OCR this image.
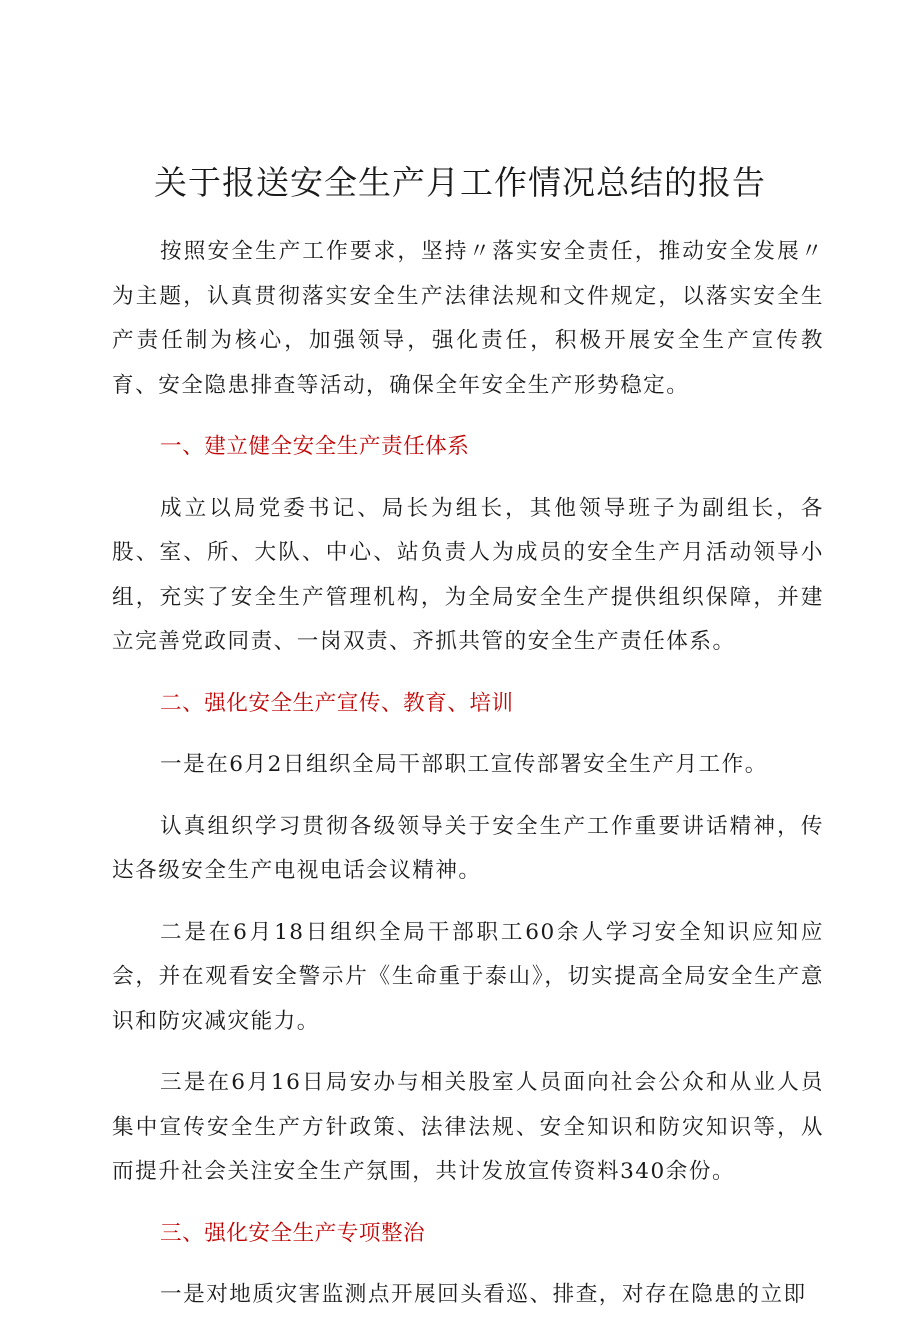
关于报送安全生产月工作情况总结的报告

按照安全生产工作要求，坚持〃落实安全责任，推动安全发展〃为主题，认真贯彻落实安全生产法律法规和文件规定，以落实安全生产责任制为核心，加强领导，强化责任，积极开展安全生产宣传教育、安全隐患排查等活动，确保全年安全生产形势稳定。

一、建立健全安全生产责任体系

成立以局党委书记、局长为组长，其他领导班子为副组长，各股、室、所、大队、中心、站负责人为成员的安全生产月活动领导小组，充实了安全生产管理机构，为全局安全生产提供组织保障，并建立完善党政同责、一岗双责、齐抓共管的安全生产责任体系。

二、强化安全生产宣传、教育、培训

一是在6月2日组织全局干部职工宣传部署安全生产月工作。

认真组织学习贯彻各级领导关于安全生产工作重要讲话精神，传达各级安全生产电视电话会议精神。

二是在6月18日组织全局干部职工60余人学习安全知识应知应会，并在观看安全警示片《生命重于泰山》，切实提高全局安全生产意识和防灾减灾能力。

三是在6月16日局安办与相关股室人员面向社会公众和从业人员集中宣传安全生产方针政策、法律法规、安全知识和防灾知识等，从而提升社会关注安全生产氛围，共计发放宣传资料340余份。

三、强化安全生产专项整治

一是对地质灾害监测点开展回头看巡、排查，对存在隐患的立即
